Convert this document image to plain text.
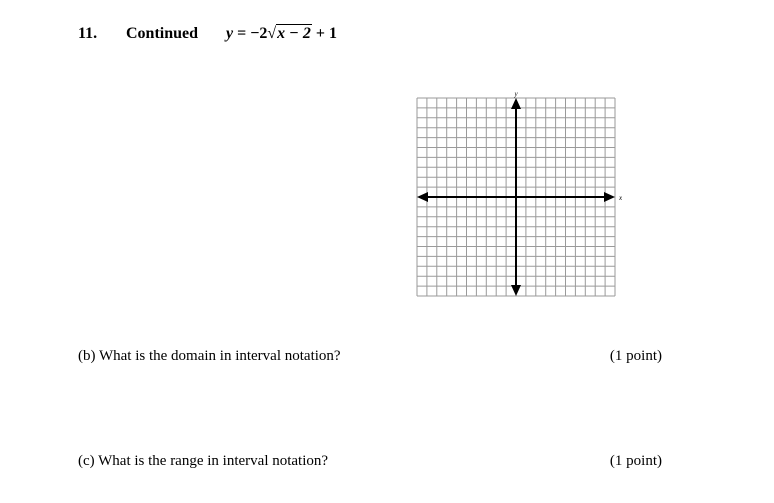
11. Continued y = −2√x − 2 + 1
y
x
(b) What is the domain in interval notation?	(1 point)
(c) What is the range in interval notation?	(1 point)
